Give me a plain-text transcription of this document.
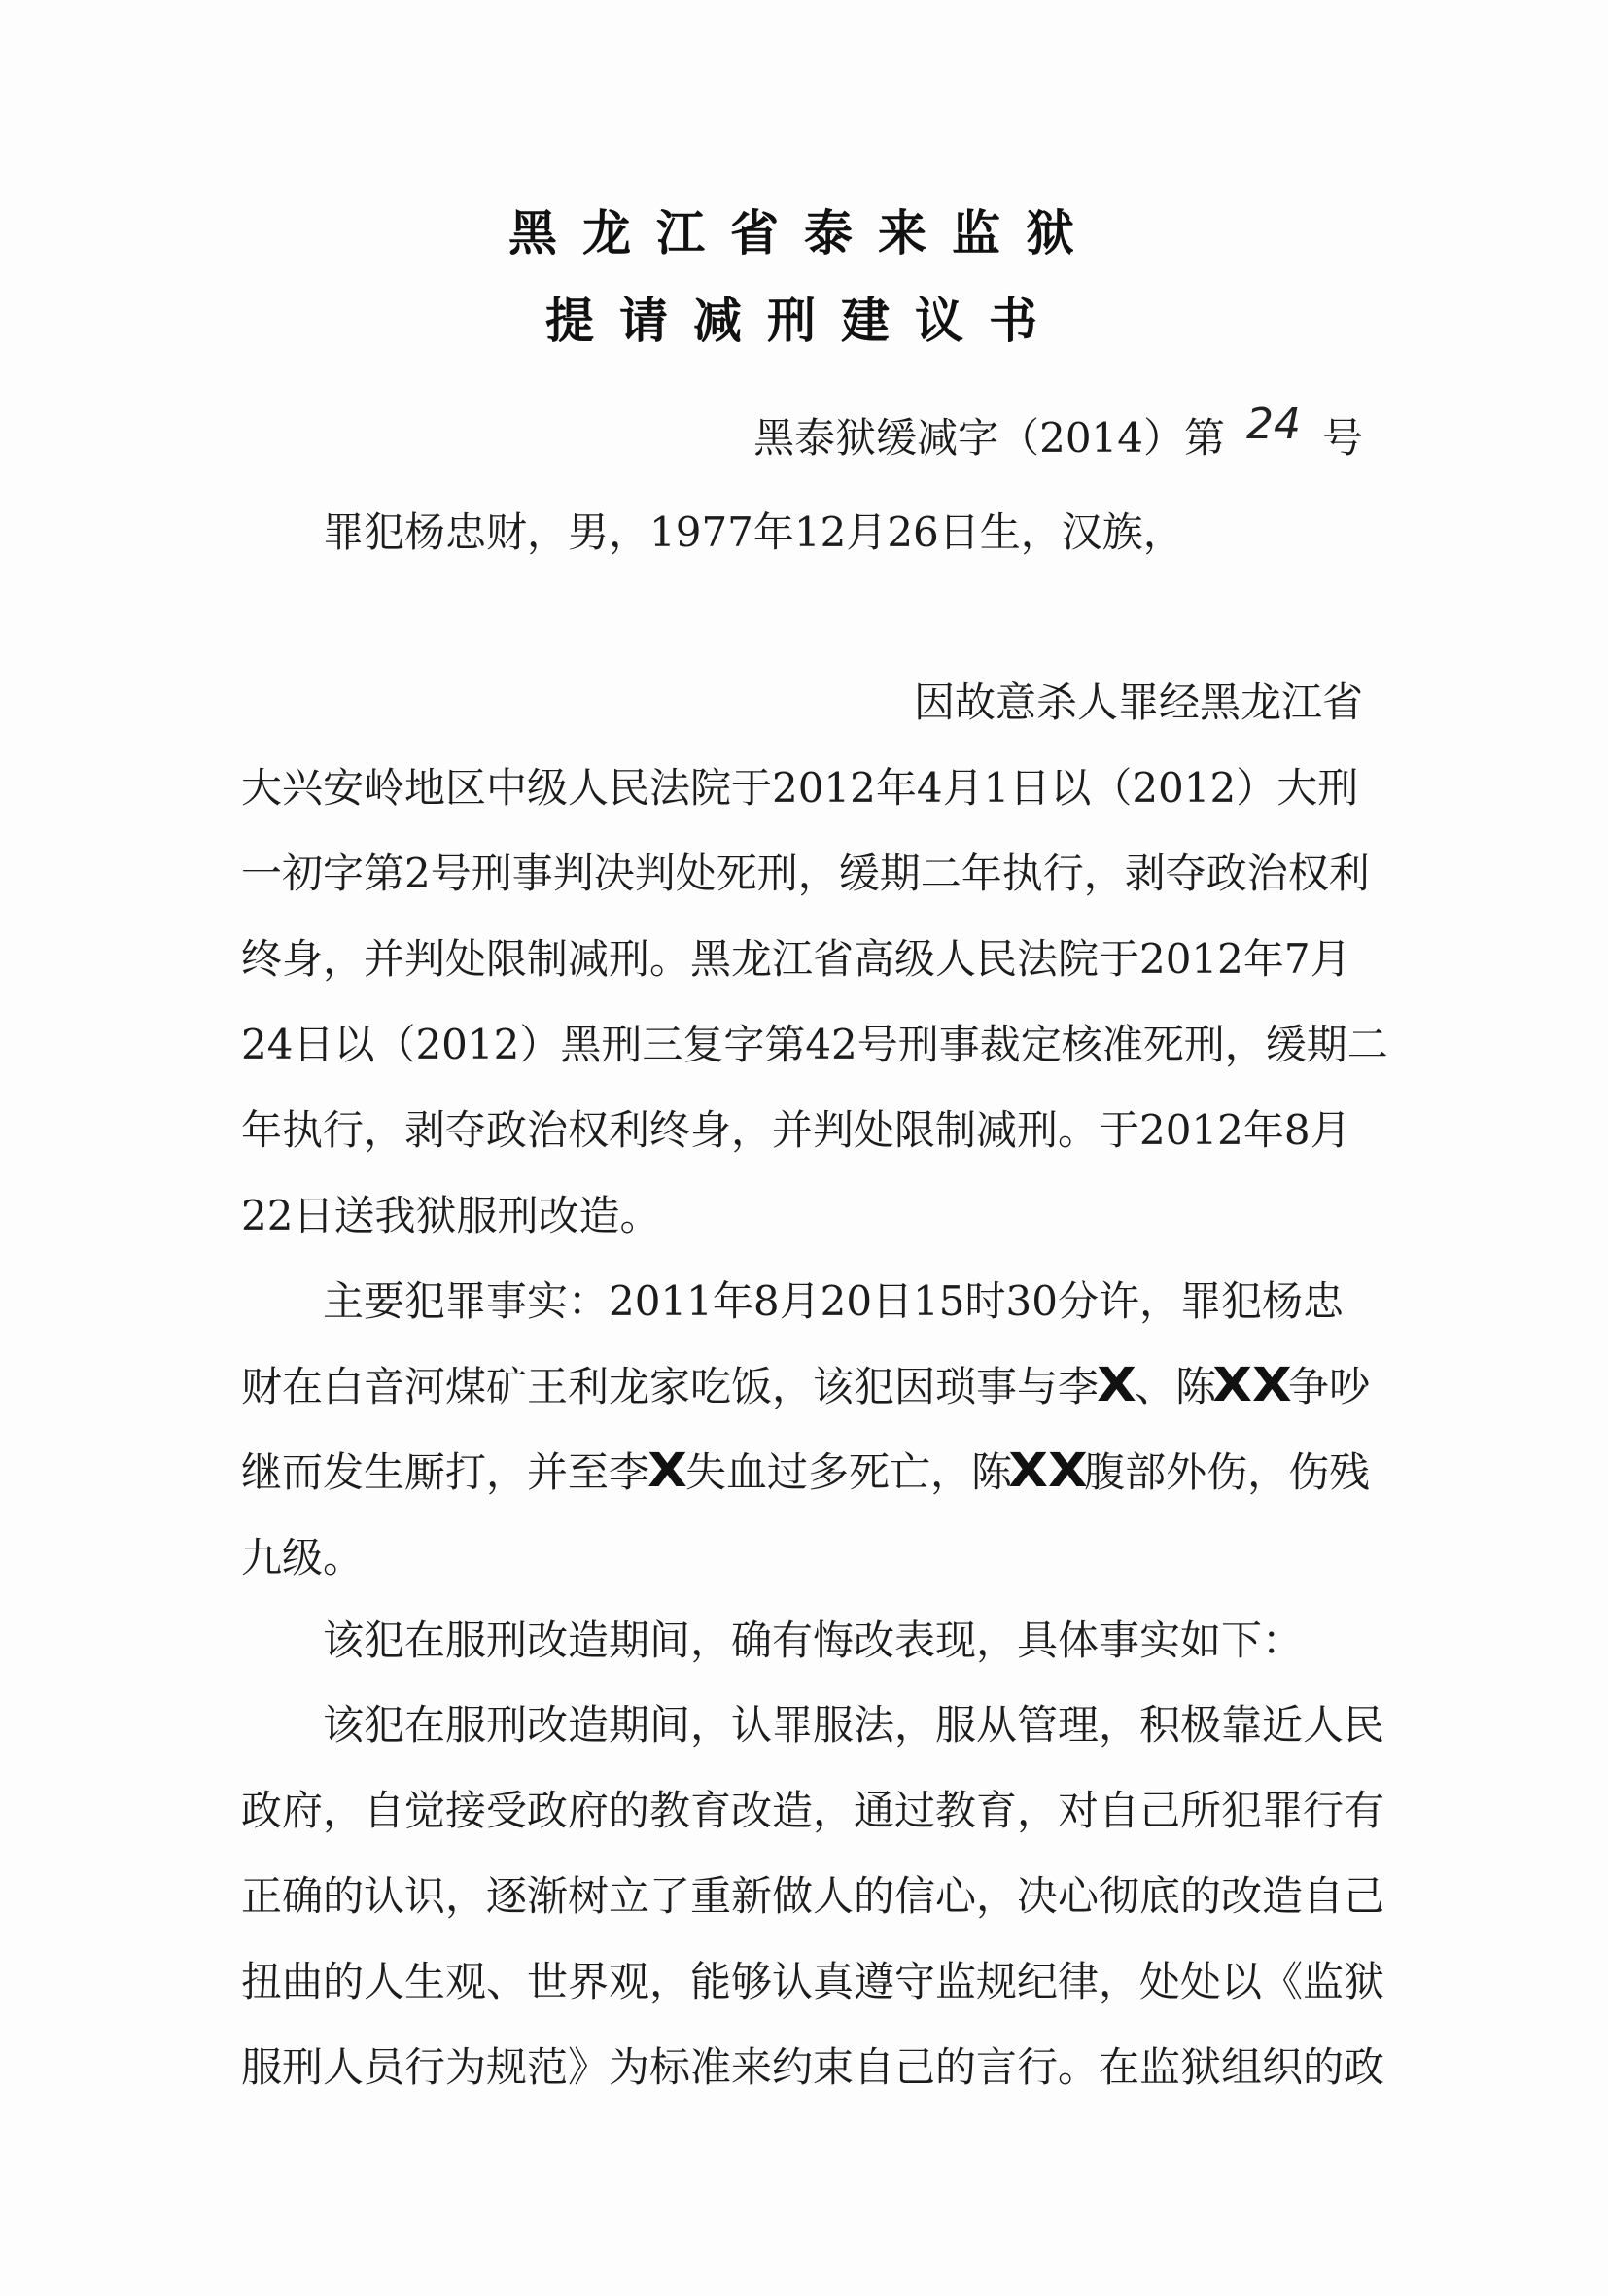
黑龙江省泰来监狱
提请减刑建议书
黑泰狱缓减字（2014）第 24 号
罪犯杨忠财，男，1977年12月26日生，汉族，
因故意杀人罪经黑龙江省
大兴安岭地区中级人民法院于2012年4月1日以（2012）大刑
一初字第2号刑事判决判处死刑，缓期二年执行，剥夺政治权利
终身，并判处限制减刑。黑龙江省高级人民法院于2012年7月
24日以（2012）黑刑三复字第42号刑事裁定核准死刑，缓期二
年执行，剥夺政治权利终身，并判处限制减刑。于2012年8月
22日送我狱服刑改造。
主要犯罪事实：2011年8月20日15时30分许，罪犯杨忠
财在白音河煤矿王利龙家吃饭，该犯因琐事与李X、陈XX争吵
继而发生厮打，并至李X失血过多死亡，陈XX腹部外伤，伤残
九级。
该犯在服刑改造期间，确有悔改表现，具体事实如下：
该犯在服刑改造期间，认罪服法，服从管理，积极靠近人民
政府，自觉接受政府的教育改造，通过教育，对自己所犯罪行有
正确的认识，逐渐树立了重新做人的信心，决心彻底的改造自己
扭曲的人生观、世界观，能够认真遵守监规纪律，处处以《监狱
服刑人员行为规范》为标准来约束自己的言行。在监狱组织的政
